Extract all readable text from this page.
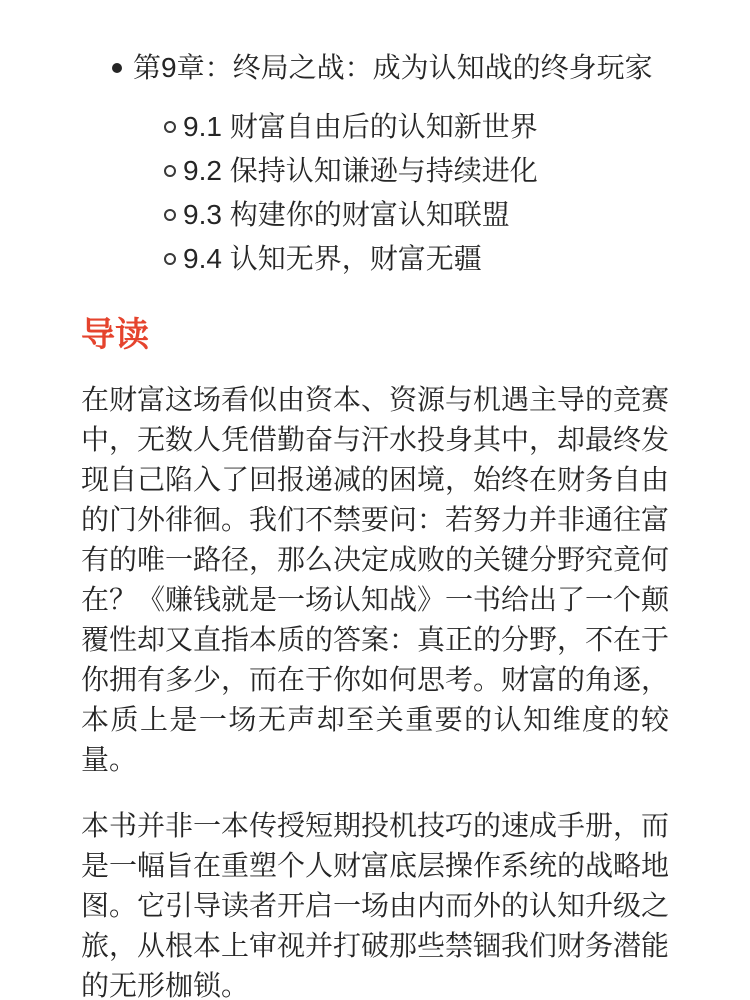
第9章：终局之战：成为认知战的终身玩家
9.1 财富自由后的认知新世界
9.2 保持认知谦逊与持续进化
9.3 构建你的财富认知联盟
9.4 认知无界，财富无疆
导读

在财富这场看似由资本、资源与机遇主导的竞赛中，无数人凭借勤奋与汗水投身其中，却最终发现自己陷入了回报递减的困境，始终在财务自由的门外徘徊。我们不禁要问：若努力并非通往富有的唯一路径，那么决定成败的关键分野究竟何在？《赚钱就是一场认知战》一书给出了一个颠覆性却又直指本质的答案：真正的分野，不在于你拥有多少，而在于你如何思考。财富的角逐，本质上是一场无声却至关重要的认知维度的较量。

本书并非一本传授短期投机技巧的速成手册，而是一幅旨在重塑个人财富底层操作系统的战略地图。它引导读者开启一场由内而外的认知升级之旅，从根本上审视并打破那些禁锢我们财务潜能的无形枷锁。
